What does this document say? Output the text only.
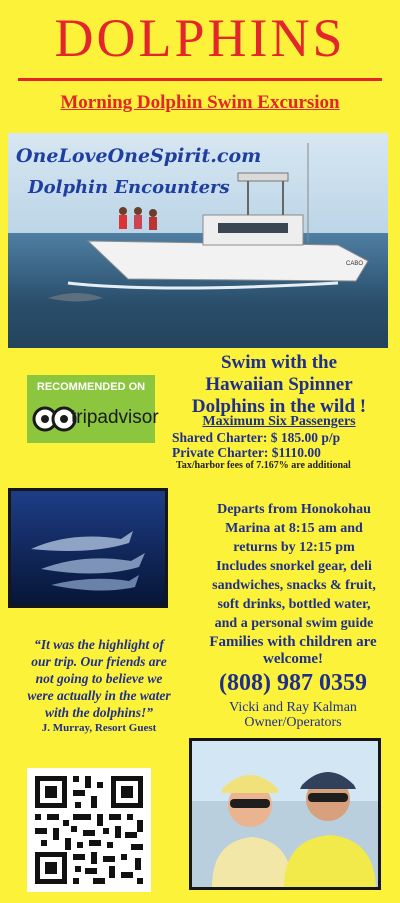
DOLPHINS
Morning Dolphin Swim Excursion
CABO
OneLoveOneSpirit.com
Dolphin Encounters
RECOMMENDED ON
tripadvisor
Swim with the
Hawaiian Spinner
Dolphins in the wild !
Maximum Six Passengers
Shared Charter: $ 185.00 p/p
Private Charter: $1110.00
Tax/harbor fees of 7.167% are additional
Departs from Honokohau
Marina at 8:15 am and
returns by 12:15 pm
Includes snorkel gear, deli
sandwiches, snacks & fruit,
soft drinks, bottled water,
and a personal swim guide
“It was the highlight of
our trip. Our friends are
not going to believe we
were actually in the water
with the dolphins!”
J. Murray, Resort Guest
Families with children are
welcome!
(808) 987 0359
Vicki and Ray Kalman
Owner/Operators
